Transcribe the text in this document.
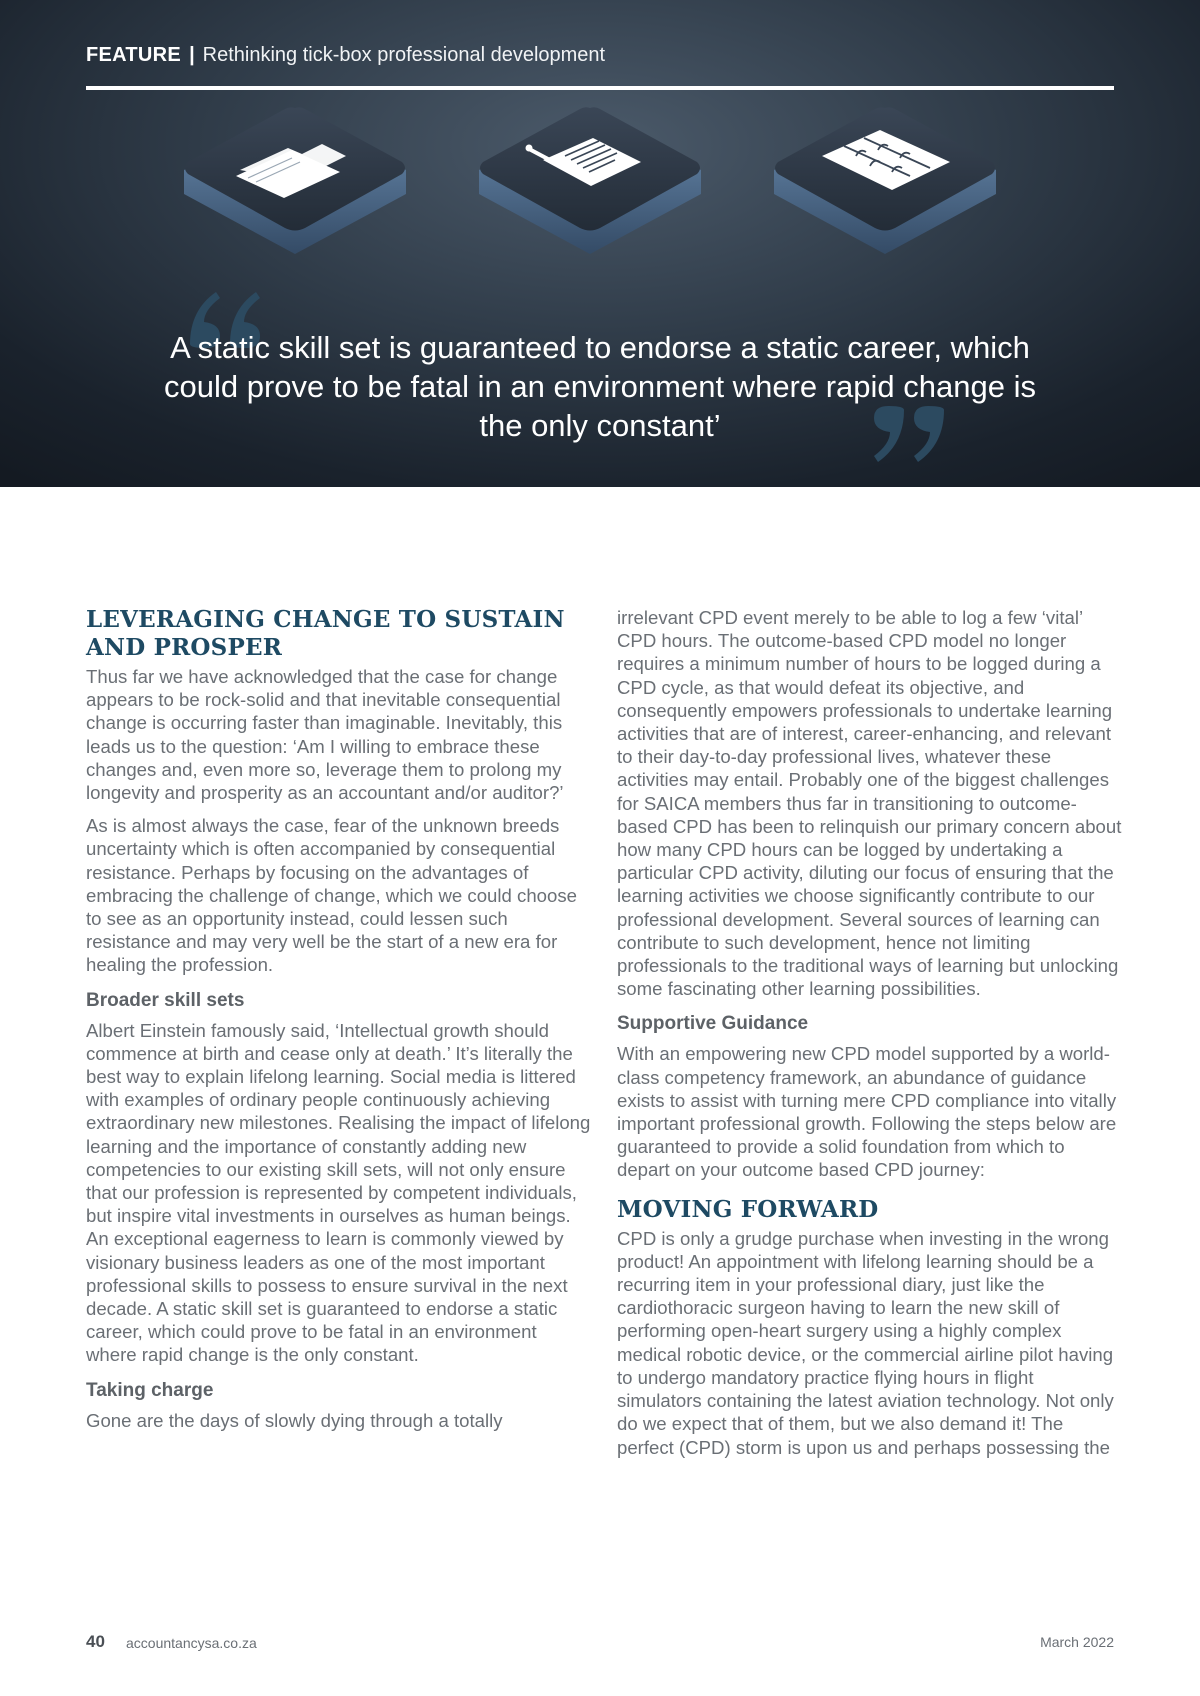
FEATURE | Rethinking tick-box professional development

A static skill set is guaranteed to endorse a static career, which could prove to be fatal in an environment where rapid change is the only constant’

LEVERAGING CHANGE TO SUSTAIN AND PROSPER

Thus far we have acknowledged that the case for change appears to be rock-solid and that inevitable consequential change is occurring faster than imaginable. Inevitably, this leads us to the question: ‘Am I willing to embrace these changes and, even more so, leverage them to prolong my longevity and prosperity as an accountant and/or auditor?’

As is almost always the case, fear of the unknown breeds uncertainty which is often accompanied by consequential resistance. Perhaps by focusing on the advantages of embracing the challenge of change, which we could choose to see as an opportunity instead, could lessen such resistance and may very well be the start of a new era for healing the profession.

Broader skill sets

Albert Einstein famously said, ‘Intellectual growth should commence at birth and cease only at death.’ It’s literally the best way to explain lifelong learning. Social media is littered with examples of ordinary people continuously achieving extraordinary new milestones. Realising the impact of lifelong learning and the importance of constantly adding new competencies to our existing skill sets, will not only ensure that our profession is represented by competent individuals, but inspire vital investments in ourselves as human beings. An exceptional eagerness to learn is commonly viewed by visionary business leaders as one of the most important professional skills to possess to ensure survival in the next decade. A static skill set is guaranteed to endorse a static career, which could prove to be fatal in an environment where rapid change is the only constant.

Taking charge

Gone are the days of slowly dying through a totally

irrelevant CPD event merely to be able to log a few ‘vital’ CPD hours. The outcome-based CPD model no longer requires a minimum number of hours to be logged during a CPD cycle, as that would defeat its objective, and consequently empowers professionals to undertake learning activities that are of interest, career-enhancing, and relevant to their day-to-day professional lives, whatever these activities may entail. Probably one of the biggest challenges for SAICA members thus far in transitioning to outcome-based CPD has been to relinquish our primary concern about how many CPD hours can be logged by undertaking a particular CPD activity, diluting our focus of ensuring that the learning activities we choose significantly contribute to our professional development. Several sources of learning can contribute to such development, hence not limiting professionals to the traditional ways of learning but unlocking some fascinating other learning possibilities.

Supportive Guidance

With an empowering new CPD model supported by a world-class competency framework, an abundance of guidance exists to assist with turning mere CPD compliance into vitally important professional growth. Following the steps below are guaranteed to provide a solid foundation from which to depart on your outcome based CPD journey:

MOVING FORWARD

CPD is only a grudge purchase when investing in the wrong product! An appointment with lifelong learning should be a recurring item in your professional diary, just like the cardiothoracic surgeon having to learn the new skill of performing open-heart surgery using a highly complex medical robotic device, or the commercial airline pilot having to undergo mandatory practice flying hours in flight simulators containing the latest aviation technology. Not only do we expect that of them, but we also demand it! The perfect (CPD) storm is upon us and perhaps possessing the

40 accountancysa.co.za	March 2022
